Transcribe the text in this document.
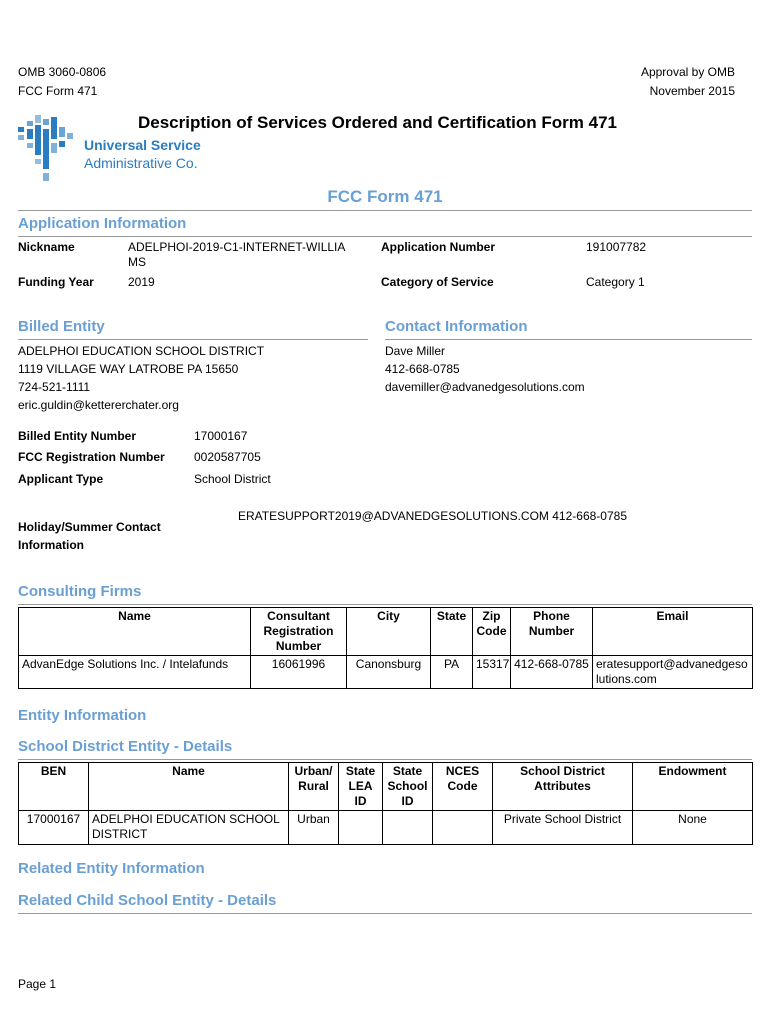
OMB 3060-0806
FCC Form 471
Approval by OMB
November 2015
Universal Service
Administrative Co.
Description of Services Ordered and Certification Form 471
FCC Form 471
Application Information
Nickname	ADELPHOI-2019-C1-INTERNET-WILLIA
MS
Application Number	191007782
Funding Year	2019	Category of Service	Category 1
Billed Entity
ADELPHOI EDUCATION SCHOOL DISTRICT
1119 VILLAGE WAY LATROBE PA 15650
724-521-1111
eric.guldin@kettererchater.org
Contact Information
Dave Miller
412-668-0785
davemiller@advanedgesolutions.com
Billed Entity Number	17000167
FCC Registration Number 0020587705
Applicant Type	School District
Holiday/Summer Contact
Information
ERATESUPPORT2019@ADVANEDGESOLUTIONS.COM 412-668-0785
Consulting Firms
Name	Consultant Registration Number	City	State	Zip Code	Phone Number	Email
AdvanEdge Solutions Inc. / Intelafunds	16061996	Canonsburg	PA	15317	412-668-0785	eratesupport@advanedgesolutions.com
Entity Information
School District Entity - Details
BEN	Name	Urban/ Rural	State LEA ID	State School ID	NCES Code	School District Attributes	Endowment
17000167	ADELPHOI EDUCATION SCHOOL DISTRICT	Urban				Private School District	None
Related Entity Information
Related Child School Entity - Details
Page 1
